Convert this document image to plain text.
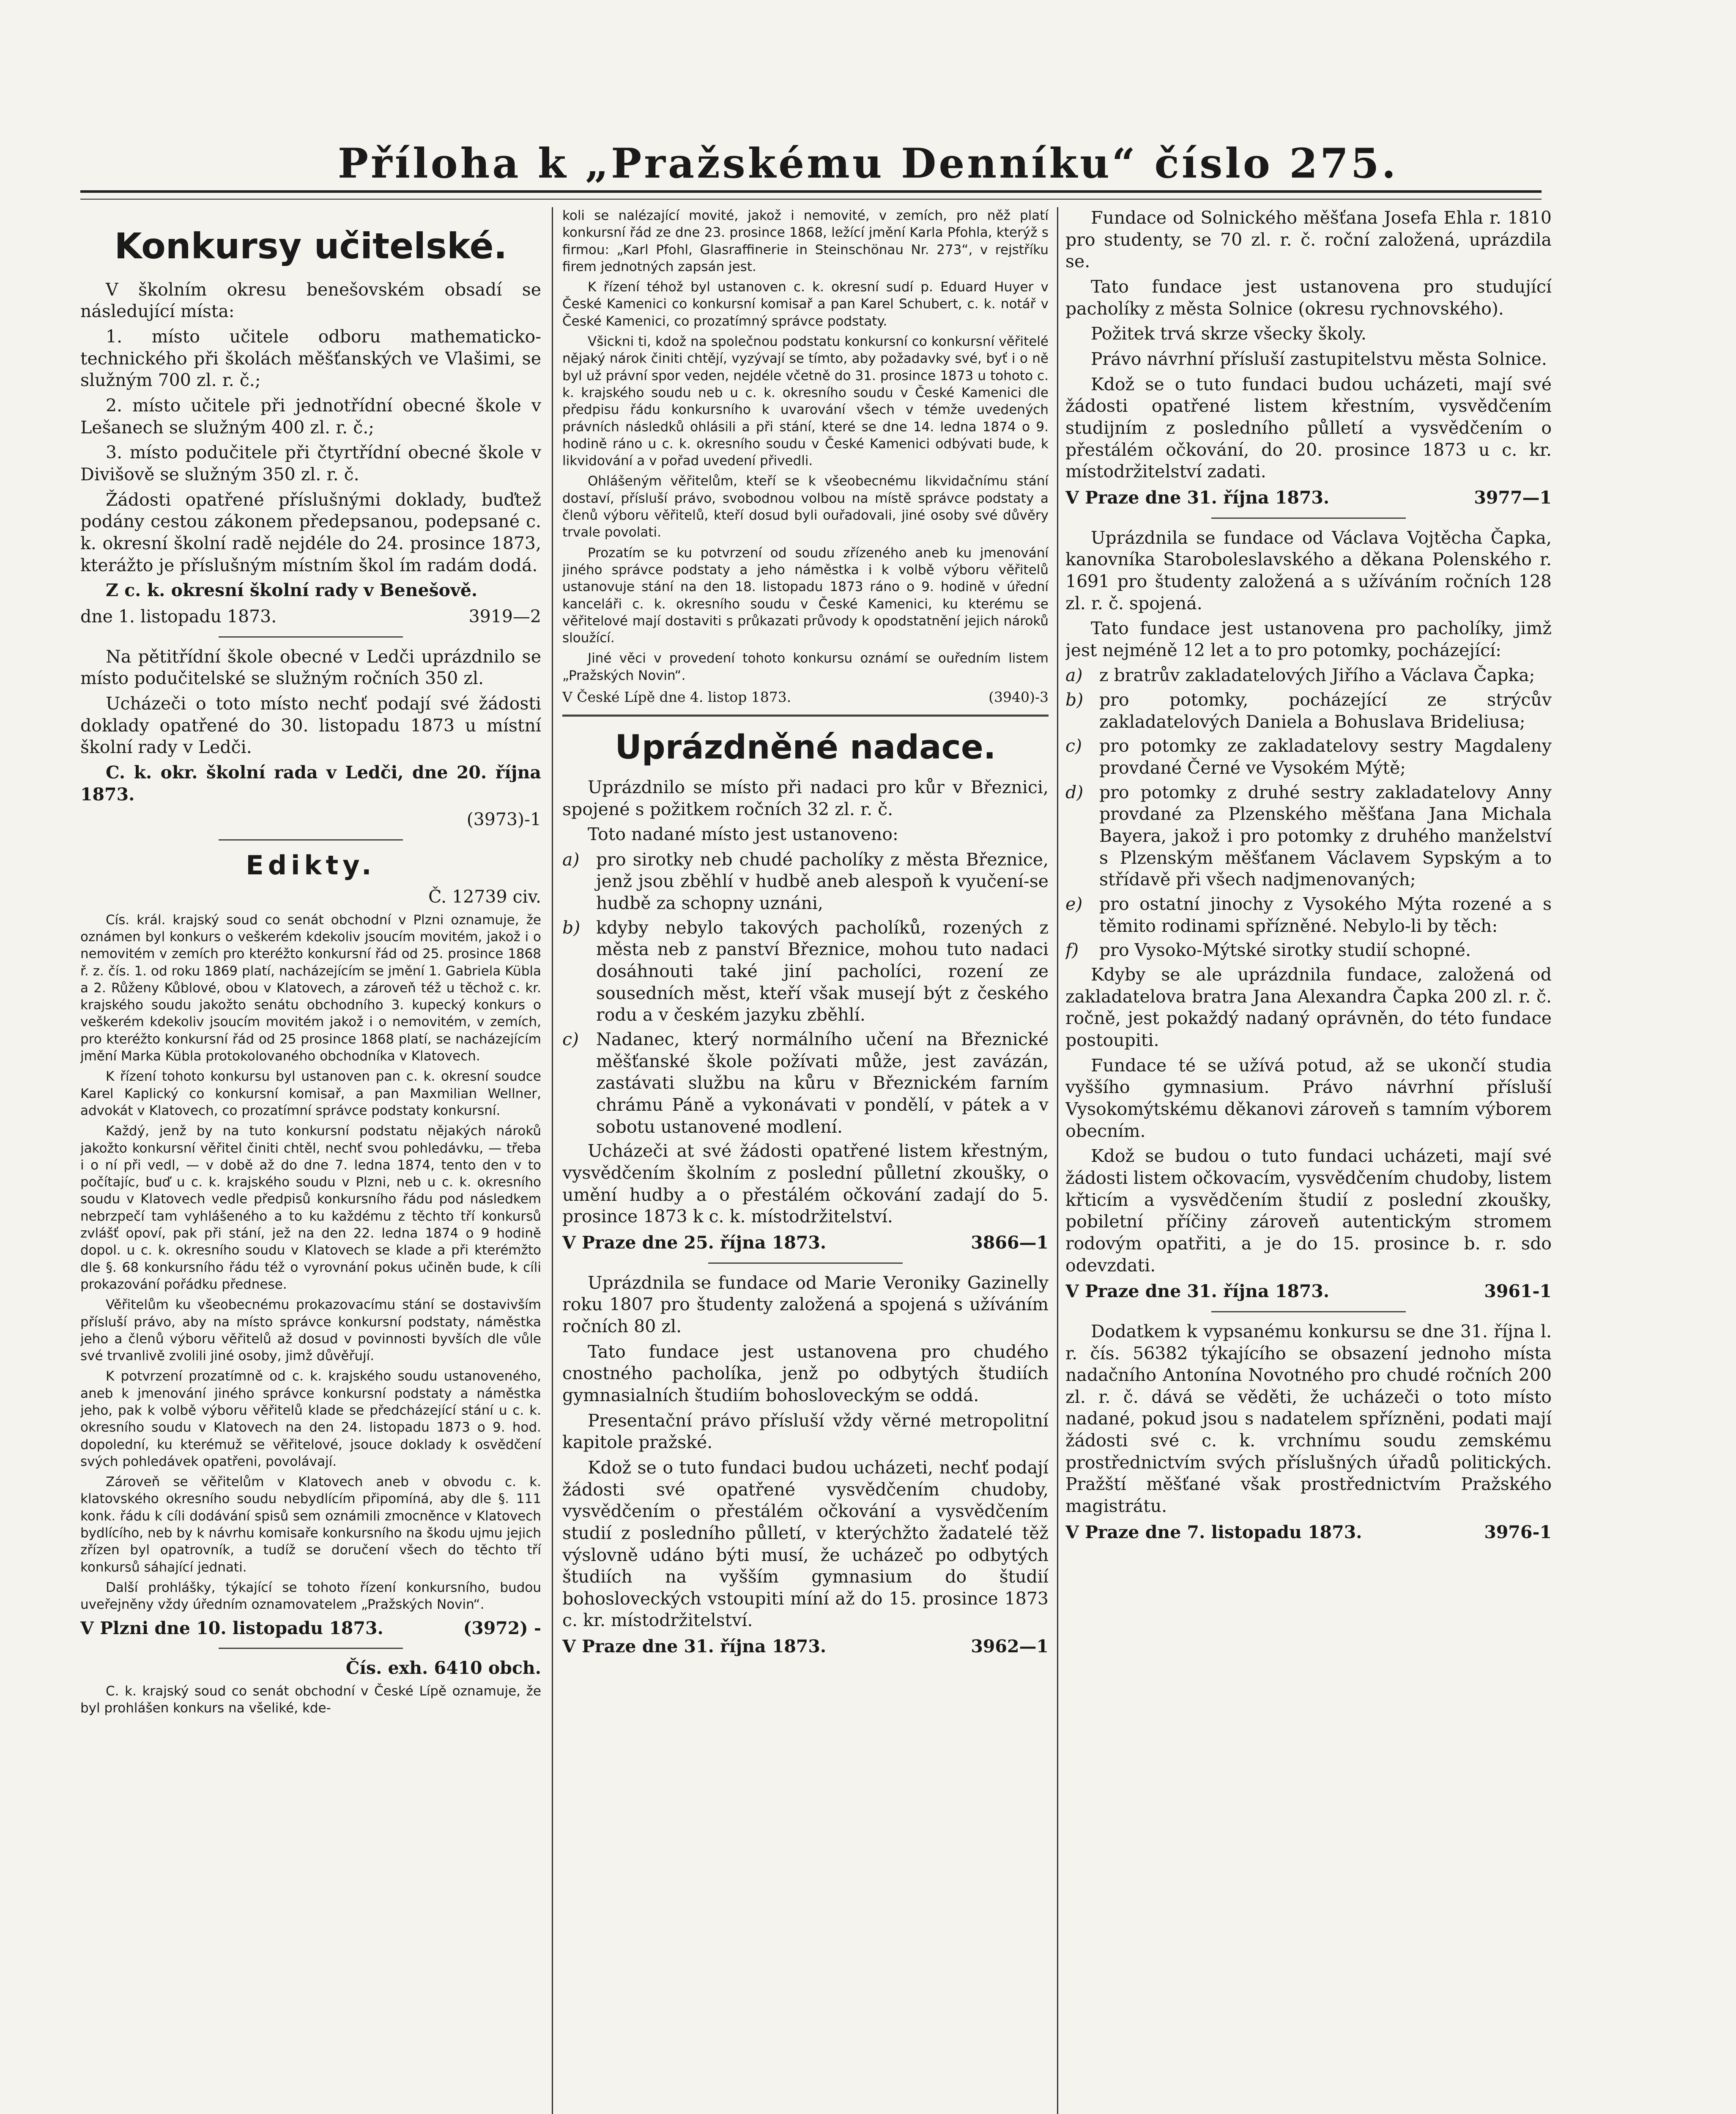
Příloha k „Pražskému Denníku“ číslo 275.
Konkursy učitelské.

V školním okresu benešovském obsadí se následující místa:

1. místo učitele odboru mathematicko-technického při školách měšťanských ve Vlašimi, se služným 700 zl. r. č.;

2. místo učitele při jednotřídní obecné škole v Lešanech se služným 400 zl. r. č.;

3. místo podučitele při čtyrtřídní obecné škole v Divišově se služným 350 zl. r. č.

Žádosti opatřené příslušnými doklady, buďtež podány cestou zákonem předepsanou, podepsané c. k. okresní školní radě nejdéle do 24. prosince 1873, kterážto je příslušným místním škol ím radám dodá.

Z c. k. okresní školní rady v Benešově.

dne 1. listopadu 1873.	3919—2

Na pětitřídní škole obecné v Ledči uprázdnilo se místo podučitelské se služným ročních 350 zl.

Ucházeči o toto místo nechť podají své žádosti doklady opatřené do 30. listopadu 1873 u místní školní rady v Ledči.

C. k. okr. školní rada v Ledči, dne 20. října 1873.

(3973)-1

Edikty.

Č. 12739 civ.

Cís. král. krajský soud co senát obchodní v Plzni oznamuje, že oznámen byl konkurs o veškerém kdekoliv jsoucím movitém, jakož i o nemovitém v zemích pro kteréžto konkursní řád od 25. prosince 1868 ř. z. čís. 1. od roku 1869 platí, nacházejícím se jmění 1. Gabriela Kübla a 2. Růženy Kůblové, obou v Klatovech, a zároveň též u těchož c. kr. krajského soudu jakožto senátu obchodního 3. kupecký konkurs o veškerém kdekoliv jsoucím movitém jakož i o nemovitém, v zemích, pro kteréžto konkursní řád od 25 prosince 1868 platí, se nacházejícím jmění Marka Kübla protokolovaného obchodníka v Klatovech.

K řízení tohoto konkursu byl ustanoven pan c. k. okresní soudce Karel Kaplický co konkursní komisař, a pan Maxmilian Wellner, advokát v Klatovech, co prozatímní správce podstaty konkursní.

Každý, jenž by na tuto konkursní podstatu nějakých nároků jakožto konkursní věřitel činiti chtěl, nechť svou pohledávku, — třeba i o ní při vedl, — v době až do dne 7. ledna 1874, tento den v to počítajíc, buď u c. k. krajského soudu v Plzni, neb u c. k. okresního soudu v Klatovech vedle předpisů konkursního řádu pod následkem nebrzpečí tam vyhlášeného a to ku každému z těchto tří konkursů zvlášť opoví, pak při stání, jež na den 22. ledna 1874 o 9 hodině dopol. u c. k. okresního soudu v Klatovech se klade a při kterémžto dle §. 68 konkursního řádu též o vyrovnání pokus učiněn bude, k cíli prokazování pořádku přednese.

Věřitelům ku všeobecnému prokazovacímu stání se dostavivším přísluší právo, aby na místo správce konkursní podstaty, náměstka jeho a členů výboru věřitelů až dosud v povinnosti byvších dle vůle své trvanlivě zvolili jiné osoby, jimž důvěřují.

K potvrzení prozatímně od c. k. krajského soudu ustanoveného, aneb k jmenování jiného správce konkursní podstaty a náměstka jeho, pak k volbě výboru věřitelů klade se předcházející stání u c. k. okresního soudu v Klatovech na den 24. listopadu 1873 o 9. hod. dopolední, ku kterémuž se věřitelové, jsouce doklady k osvědčení svých pohledávek opatřeni, povolávají.

Zároveň se věřitelům v Klatovech aneb v obvodu c. k. klatovského okresního soudu nebydlícím připomíná, aby dle §. 111 konk. řádu k cíli dodávání spisů sem oznámili zmocněnce v Klatovech bydlícího, neb by k návrhu komisaře konkursního na škodu ujmu jejich zřízen byl opatrovník, a tudíž se doručení všech do těchto tří konkursů sáhající jednati.

Další prohlášky, týkající se tohoto řízení konkursního, budou uveřejněny vždy úředním oznamovatelem „Pražských Novin“.

V Plzni dne 10. listopadu 1873.	(3972) -

Čís. exh. 6410 obch.

C. k. krajský soud co senát obchodní v České Lípě oznamuje, že byl prohlášen konkurs na všeliké, kde-

koli se nalézající movité, jakož i nemovité, v zemích, pro něž platí konkursní řád ze dne 23. prosince 1868, ležící jmění Karla Pfohla, kterýž s firmou: „Karl Pfohl, Glasraffinerie in Steinschönau Nr. 273“, v rejstříku firem jednotných zapsán jest.

K řízení téhož byl ustanoven c. k. okresní sudí p. Eduard Huyer v České Kamenici co konkursní komisař a pan Karel Schubert, c. k. notář v České Kamenici, co prozatímný správce podstaty.

Všickni ti, kdož na společnou podstatu konkursní co konkursní věřitelé nějaký nárok činiti chtějí, vyzývají se tímto, aby požadavky své, byť i o ně byl už právní spor veden, nejdéle včetně do 31. prosince 1873 u tohoto c. k. krajského soudu neb u c. k. okresního soudu v České Kamenici dle předpisu řádu konkursního k uvarování všech v témže uvedených právních následků ohlásili a při stání, které se dne 14. ledna 1874 o 9. hodině ráno u c. k. okresního soudu v České Kamenici odbývati bude, k likvidování a v pořad uvedení přivedli.

Ohlášeným věřitelům, kteří se k všeobecnému likvidačnímu stání dostaví, přísluší právo, svobodnou volbou na místě správce podstaty a členů výboru věřitelů, kteří dosud byli ouřadovali, jiné osoby své důvěry trvale povolati.

Prozatím se ku potvrzení od soudu zřízeného aneb ku jmenování jiného správce podstaty a jeho náměstka i k volbě výboru věřitelů ustanovuje stání na den 18. listopadu 1873 ráno o 9. hodině v úřední kanceláři c. k. okresního soudu v České Kamenici, ku kterému se věřitelové mají dostaviti s průkazati průvody k opodstatnění jejich nároků sloužící.

Jiné věci v provedení tohoto konkursu oznámí se ouředním listem „Pražských Novin“.

V České Lípě dne 4. listop 1873.	(3940)-3
Uprázdněné nadace.

Uprázdnilo se místo při nadaci pro kůr v Březnici, spojené s požitkem ročních 32 zl. r. č.

Toto nadané místo jest ustanoveno:

a) pro sirotky neb chudé pacholíky z města Březnice, jenž jsou zběhlí v hudbě aneb alespoň k vyučení-se hudbě za schopny uznáni,
b) kdyby nebylo takových pacholíků, rozených z města neb z panství Březnice, mohou tuto nadaci dosáhnouti také jiní pacholíci, rození ze sousedních měst, kteří však musejí být z českého rodu a v českém jazyku zběhlí.
c)	Nadanec, který normálního učení na Březnické měšťanské škole požívati může, jest zavázán, zastávati službu na kůru v Březnickém farním chrámu Páně a vykonávati v pondělí, v pátek a v sobotu ustanovené modlení.

Ucházeči at své žádosti opatřené listem křestným, vysvědčením školním z poslední půlletní zkoušky, o umění hudby a o přestálém očkování zadají do 5. prosince 1873 k c. k. místodržitelství.

V Praze dne 25. října 1873.	3866—1

Uprázdnila se fundace od Marie Veroniky Gazinelly roku 1807 pro študenty založená a spojená s užíváním ročních 80 zl.

Tato fundace jest ustanovena pro chudého cnostného pacholíka, jenž po odbytých študiích gymnasialních študiím bohosloveckým se oddá.

Presentační právo přísluší vždy věrné metropolitní kapitole pražské.

Kdož se o tuto fundaci budou ucházeti, nechť podají žádosti své opatřené vysvědčením chudoby, vysvědčením o přestálém očkování a vysvědčením studií z posledního půlletí, v kterýchžto žadatelé těž výslovně udáno býti musí, že ucházeč po odbytých študiích na vyšším gymnasium do študií bohosloveckých vstoupiti míní až do 15. prosince 1873 c. kr. místodržitelství.

V Praze dne 31. října 1873.	3962—1

Fundace od Solnického měšťana Josefa Ehla r. 1810 pro studenty, se 70 zl. r. č. roční založená, uprázdila se.

Tato fundace jest ustanovena pro studující pacholíky z města Solnice (okresu rychnovského).

Požitek trvá skrze všecky školy.

Právo návrhní přísluší zastupitelstvu města Solnice.

Kdož se o tuto fundaci budou ucházeti, mají své žádosti opatřené listem křestním, vysvědčením studijním z posledního půlletí a vysvědčením o přestálém očkování, do 20. prosince 1873 u c. kr. místodržitelství zadati.

V Praze dne 31. října 1873.	3977—1

Uprázdnila se fundace od Václava Vojtěcha Čapka, kanovníka Staroboleslavského a děkana Polenského r. 1691 pro študenty založená a s užíváním ročních 128 zl. r. č. spojená.

Tato fundace jest ustanovena pro pacholíky, jimž jest nejméně 12 let a to pro potomky, pocházející:

a) z bratrův zakladatelových Jiřího a Václava Čapka;
b) pro potomky, pocházející ze strýcův zakladatelových Daniela a Bohuslava Brideliusa;
c)	pro potomky ze zakladatelovy sestry Magdaleny provdané Černé ve Vysokém Mýtě;
d) pro potomky z druhé sestry zakladatelovy Anny provdané za Plzenského měšťana Jana Michala Bayera, jakož i pro potomky z druhého manželství s Plzenským měšťanem Václavem Sypským a to střídavě při všech nadjmenovaných;
e) pro ostatní jinochy z Vysokého Mýta rozené a s těmito rodinami spřízněné. Nebylo-li by těch:
f)	pro Vysoko-Mýtské sirotky studií schopné.

Kdyby se ale uprázdnila fundace, založená od zakladatelova bratra Jana Alexandra Čapka 200 zl. r. č. ročně, jest pokaždý nadaný oprávněn, do této fundace postoupiti.

Fundace té se užívá potud, až se ukončí studia vyššího gymnasium. Právo návrhní přísluší Vysokomýtskému děkanovi zároveň s tamním výborem obecním.

Kdož se budou o tuto fundaci ucházeti, mají své žádosti listem očkovacím, vysvědčením chudoby, listem křticím a vysvědčením študií z poslední zkoušky, pobiletní příčiny zároveň autentickým stromem rodovým opatřiti, a je do 15. prosince b. r. sdo odevzdati.

V Praze dne 31. října 1873.	3961-1

Dodatkem k vypsanému konkursu se dne 31. října l. r. čís. 56382 týkajícího se obsazení jednoho místa nadačního Antonína Novotného pro chudé ročních 200 zl. r. č. dává se věděti, že ucházeči o toto místo nadané, pokud jsou s nadatelem spřízněni, podati mají žádosti své c. k. vrchnímu soudu zemskému prostřednictvím svých příslušných úřadů politických. Pražští měšťané však prostřednictvím Pražského magistrátu.

V Praze dne 7. listopadu 1873.	3976-1
